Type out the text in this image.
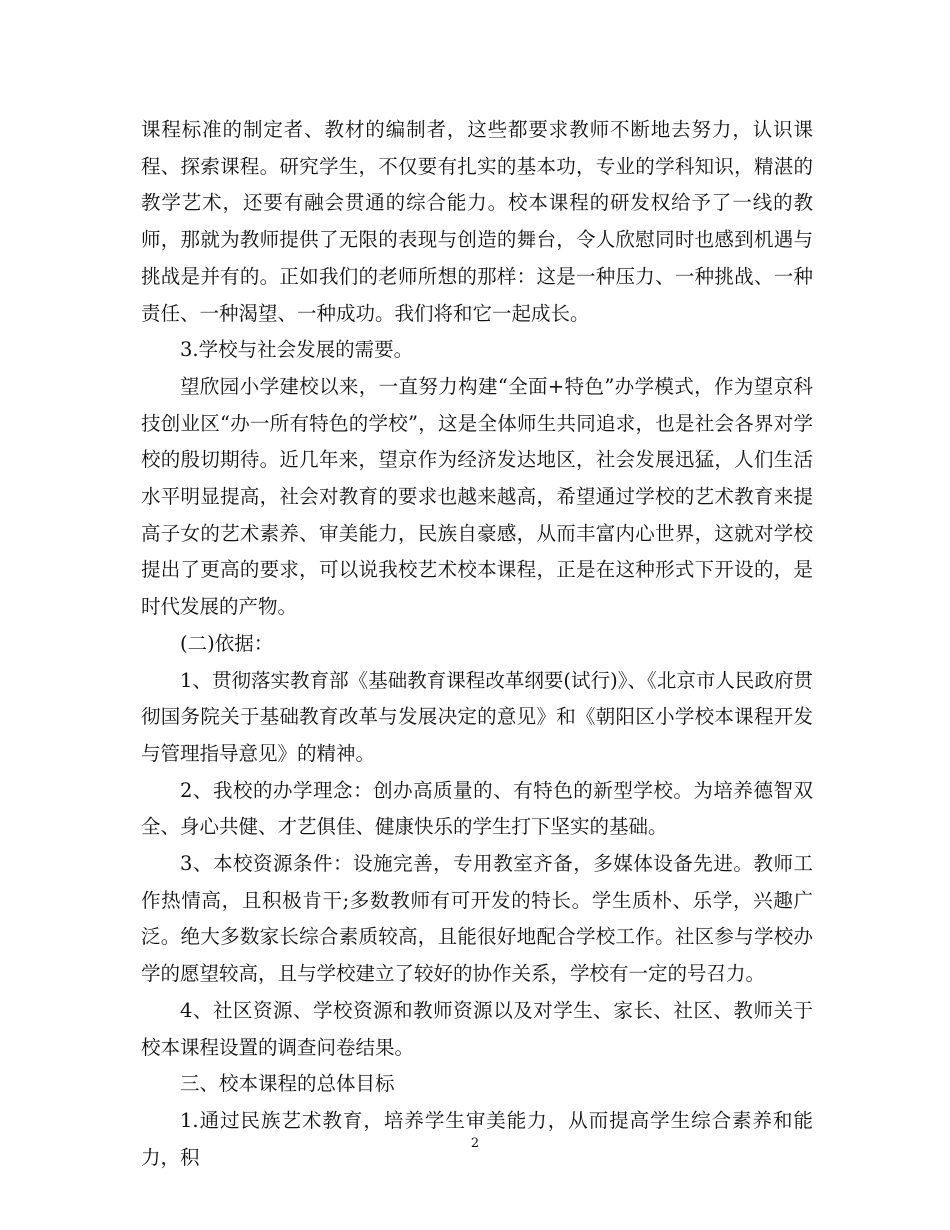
课程标准的制定者、教材的编制者，这些都要求教师不断地去努力，认识课程、探索课程。研究学生，不仅要有扎实的基本功，专业的学科知识，精湛的教学艺术，还要有融会贯通的综合能力。校本课程的研发权给予了一线的教师，那就为教师提供了无限的表现与创造的舞台，令人欣慰同时也感到机遇与挑战是并有的。正如我们的老师所想的那样：这是一种压力、一种挑战、一种责任、一种渴望、一种成功。我们将和它一起成长。

3.学校与社会发展的需要。

望欣园小学建校以来，一直努力构建“全面+特色”办学模式，作为望京科技创业区“办一所有特色的学校”，这是全体师生共同追求，也是社会各界对学校的殷切期待。近几年来，望京作为经济发达地区，社会发展迅猛，人们生活水平明显提高，社会对教育的要求也越来越高，希望通过学校的艺术教育来提高子女的艺术素养、审美能力，民族自豪感，从而丰富内心世界，这就对学校提出了更高的要求，可以说我校艺术校本课程，正是在这种形式下开设的，是时代发展的产物。

(二)依据：

1、贯彻落实教育部《基础教育课程改革纲要(试行)》、《北京市人民政府贯彻国务院关于基础教育改革与发展决定的意见》和《朝阳区小学校本课程开发与管理指导意见》的精神。

2、我校的办学理念：创办高质量的、有特色的新型学校。为培养德智双全、身心共健、才艺俱佳、健康快乐的学生打下坚实的基础。

3、本校资源条件：设施完善，专用教室齐备，多媒体设备先进。教师工作热情高，且积极肯干;多数教师有可开发的特长。学生质朴、乐学，兴趣广泛。绝大多数家长综合素质较高，且能很好地配合学校工作。社区参与学校办学的愿望较高，且与学校建立了较好的协作关系，学校有一定的号召力。

4、社区资源、学校资源和教师资源以及对学生、家长、社区、教师关于校本课程设置的调查问卷结果。

三、校本课程的总体目标

1.通过民族艺术教育，培养学生审美能力，从而提高学生综合素养和能力，积

2
